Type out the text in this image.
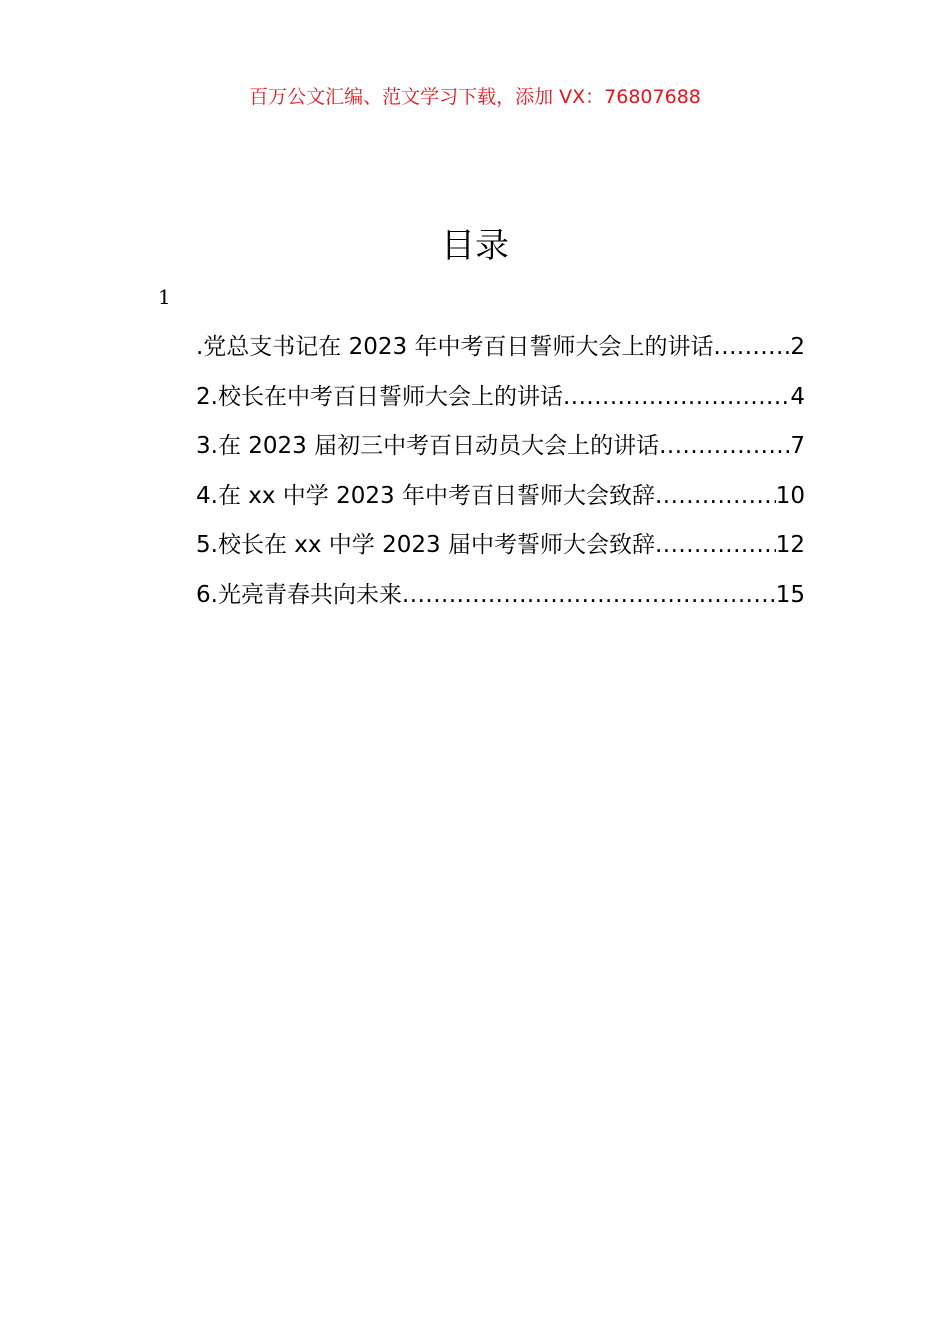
百万公文汇编、范文学习下载，添加 VX：76807688
目录
1
.党总支书记在 2023 年中考百日誓师大会上的讲话 .....	2
2.校长在中考百日誓师大会上的讲话 .....	4
3.在 2023 届初三中考百日动员大会上的讲话 .....	7
4.在 xx 中学 2023 年中考百日誓师大会致辞 .....	10
5.校长在 xx 中学 2023 届中考誓师大会致辞 .....	12
6.光亮青春共向未来 .....	15
